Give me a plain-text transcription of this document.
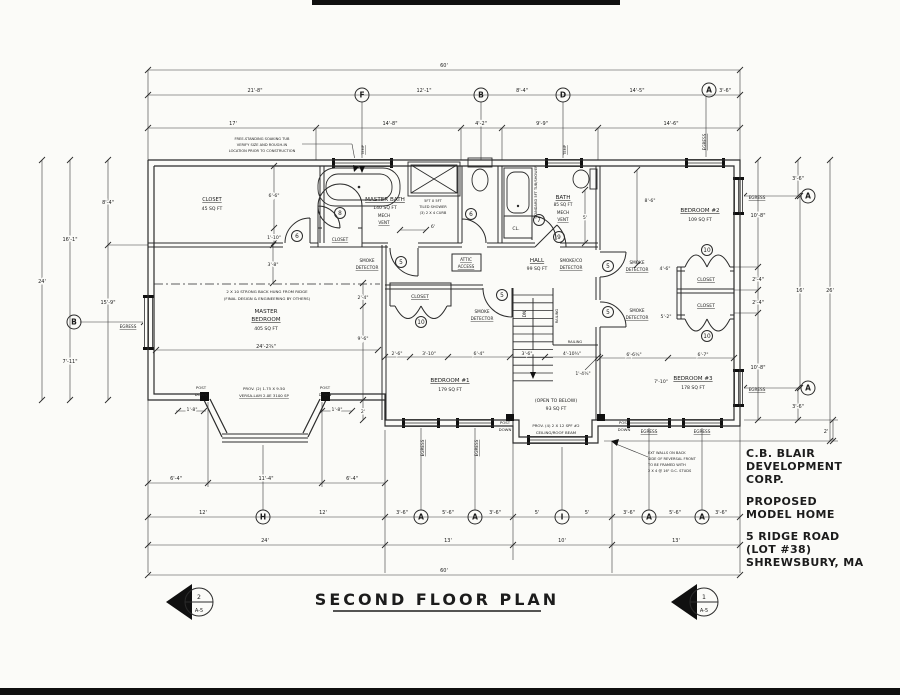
F	B	D
A
B
A
A
H	A	A	I	A	A
5
5
5
5
6
6
7
8
9
10
10
10
CLOSET
45 SQ FT
MASTER BATH
140 SQ FT
MECH
VENT
BATH
85 SQ FT
MECH
VENT
HALL
99 SQ FT
MASTER
BEDROOM
405 SQ FT
BEDROOM #1
179 SQ FT
BEDROOM #2
109 SQ FT
BEDROOM #3
178 SQ FT
(OPEN TO BELOW)
93 SQ FT
CLOSET
CLOSET
CLOSET
CLOSET
CL.
ATTIC
ACCESS
SMOKE
DETECTOR
SMOKE
DETECTOR
SMOKE/CO
DETECTOR
SMOKE
DETECTOR
SMOKE
DETECTOR
EGRESS
EGRESS
EGRESS
EGRESS	EGRESS
EGRESS	EGRESS
EGRESS
TEMP	TEMP
DN	RAILING
RAILING
POST
DOWN
POST
DOWN
POST
DOWN
POST
DOWN
FREE-STANDING SOAKING TUB
VERIFY SIZE AND ROUGH-IN
LOCATION PRIOR TO CONSTRUCTION
5FT X 5FT
TILED SHOWER
(3) 2 X 4 CURB	STANDARD 5FT TUB/SHOWER
2 X 10 STRONG BACK HUNG FROM RIDGE
(FINAL DESIGN & ENGINEERING BY OTHERS)
PROV. (2) 1.75 X 9.50
VERSA-LAM 2.0E 3100 SP
PROV. (4) 2 X 12 SPF #2
CEILING/ROOF BEAM
EXT WALLS ON BACK
SIDE OF REVERSAL FRONT
TO BE FRAMED WITH
2 X 4 @ 16" O.C. STUDS
60'
21'-8"	12'-1"	8'-4"	14'-5"	3'-6"
17'	14'-8"	4'-2"	9'-9"	14'-6"
24'
16'-1"
7'-11"
8'-4"
15'-9"
10'-8"
2'-4"
2'-4"
10'-8"
16'	26'
3'-6"
3'-6"
2'
6'-4"	11'-4"	6'-4"
12'	12'	3'-6"	5'-6"	3'-6"	5'	5'	3'-6"	5'-6"	3'-6"
24'	13'	10'	13'
60'
6'-6"
1'-10"
3'-8"
6'
5'
8'-6"
4'-6"
5'-2"
6'-6¾"	6'-7"
7'-10"
2'-6"	3'-10"	6'-4"	3'-6"	4'-10¾"
1'-4¾"
24'-2¾"
2'-4"
9'-6"
2'
1'-8"	1'-8"
2
A-5
1
A-5
SECOND FLOOR PLAN
C.B. BLAIR
DEVELOPMENT
CORP.
PROPOSED
MODEL HOME
5 RIDGE ROAD
(LOT #38)
SHREWSBURY, MA
